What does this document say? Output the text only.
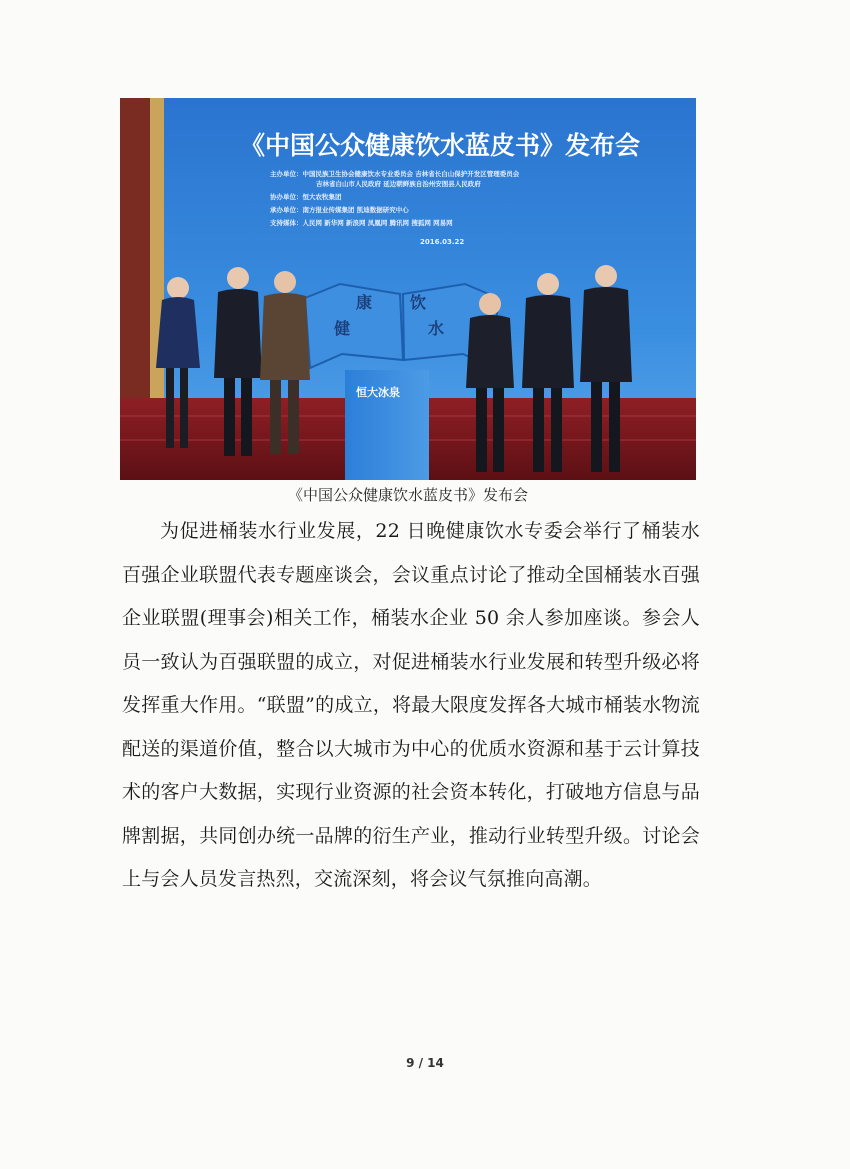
《中国公众健康饮水蓝皮书》发布会
主办单位：中国民族卫生协会健康饮水专业委员会 吉林省长白山保护开发区管理委员会
吉林省白山市人民政府 延边朝鲜族自治州安图县人民政府
协办单位：恒大农牧集团
承办单位：南方报业传媒集团 凯迪数据研究中心
支持媒体：人民网 新华网 新浪网 凤凰网 腾讯网 搜狐网 网易网
2016.03.22
康 饮
健	水
恒大冰泉
《中国公众健康饮水蓝皮书》发布会

为促进桶装水行业发展，22 日晚健康饮水专委会举行了桶装水百强企业联盟代表专题座谈会，会议重点讨论了推动全国桶装水百强企业联盟(理事会)相关工作，桶装水企业 50 余人参加座谈。参会人员一致认为百强联盟的成立，对促进桶装水行业发展和转型升级必将发挥重大作用。“联盟”的成立，将最大限度发挥各大城市桶装水物流配送的渠道价值，整合以大城市为中心的优质水资源和基于云计算技术的客户大数据，实现行业资源的社会资本转化，打破地方信息与品牌割据，共同创办统一品牌的衍生产业，推动行业转型升级。讨论会上与会人员发言热烈，交流深刻，将会议气氛推向高潮。

9 / 14
